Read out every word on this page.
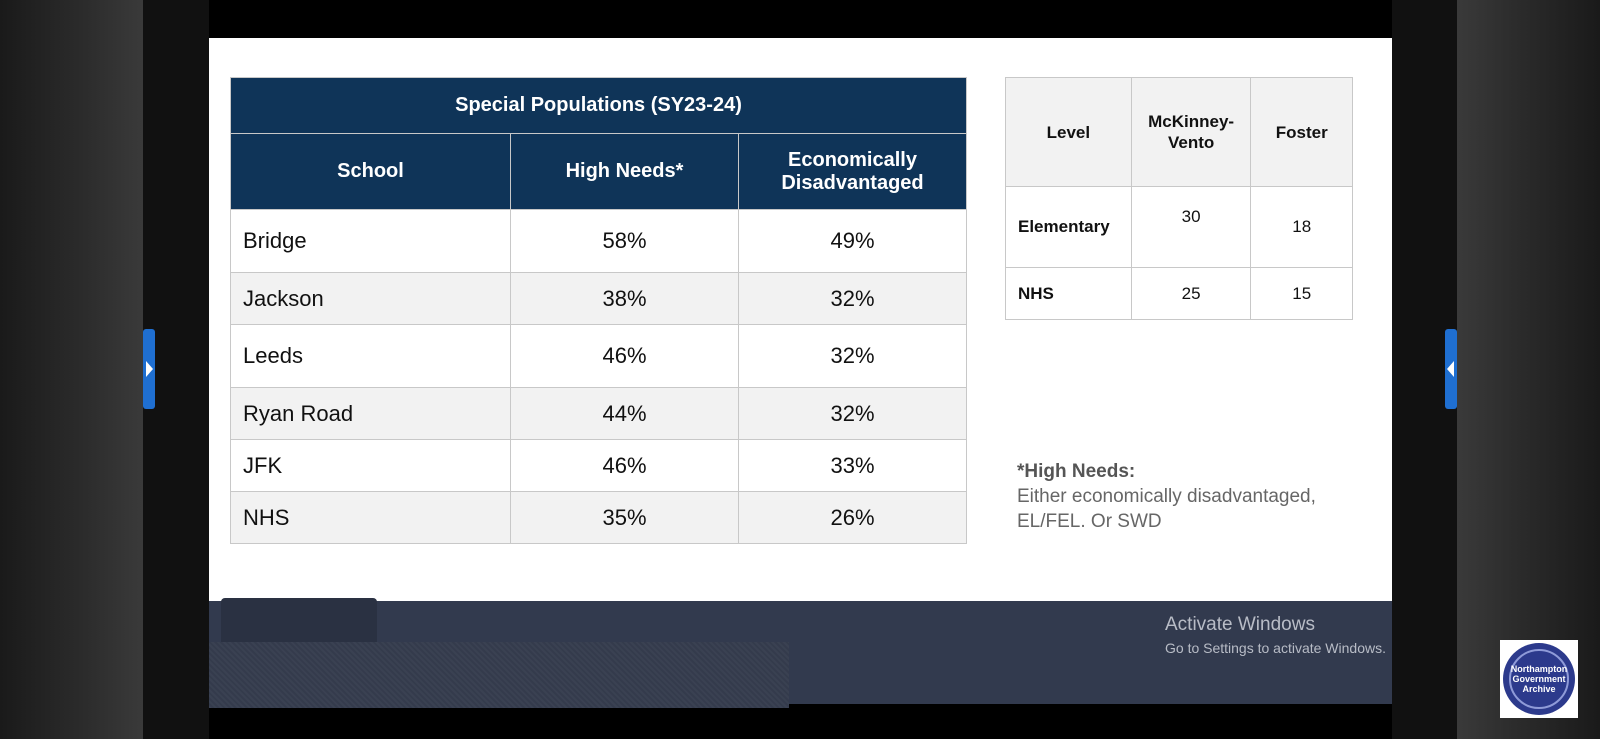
Special Populations (SY23-24)		
School	High Needs*	Economically Disadvantaged
Bridge	58%	49%
Jackson	38%	32%
Leeds	46%	32%
Ryan Road	44%	32%
JFK	46%	33%
NHS	35%	26%
Level	McKinney-Vento	Foster
Elementary	30	18
NHS	25	15
*High Needs:
Either economically disadvantaged, EL/FEL. Or SWD
Activate Windows
Go to Settings to activate Windows.
Northampton Government Archive
